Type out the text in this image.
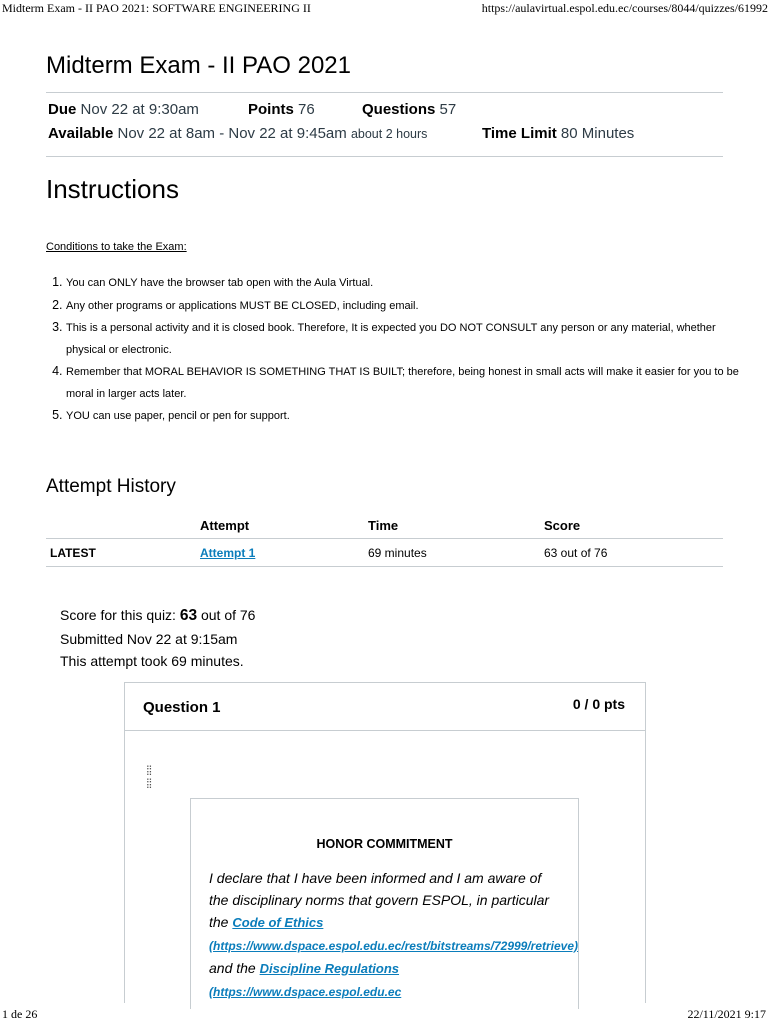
Midterm Exam - II PAO 2021: SOFTWARE ENGINEERING II	https://aulavirtual.espol.edu.ec/courses/8044/quizzes/61992
Midterm Exam - II PAO 2021
Due Nov 22 at 9:30am	Points 76	Questions 57
Available Nov 22 at 8am - Nov 22 at 9:45am about 2 hours	Time Limit 80 Minutes
Instructions
Conditions to take the Exam:
1. You can ONLY have the browser tab open with the Aula Virtual.
2. Any other programs or applications MUST BE CLOSED, including email.
3. This is a personal activity and it is closed book. Therefore, It is expected you DO NOT CONSULT any person or any material, whether physical or electronic.
4. Remember that MORAL BEHAVIOR IS SOMETHING THAT IS BUILT; therefore, being honest in small acts will make it easier for you to be moral in larger acts later.
5. YOU can use paper, pencil or pen for support.
Attempt History
	Attempt	Time	Score
LATEST	Attempt 1	69 minutes	63 out of 76
Score for this quiz: 63 out of 76
Submitted Nov 22 at 9:15am
This attempt took 69 minutes.
Question 1	0 / 0 pts
⁞⁞
⁞⁞
HONOR COMMITMENT
I declare that I have been informed and I am aware of the disciplinary norms that govern ESPOL, in particular the Code of Ethics (https://www.dspace.espol.edu.ec/rest/bitstreams/72999/retrieve) and the Discipline Regulations (https://www.dspace.espol.edu.ec
1 de 26	22/11/2021 9:17
